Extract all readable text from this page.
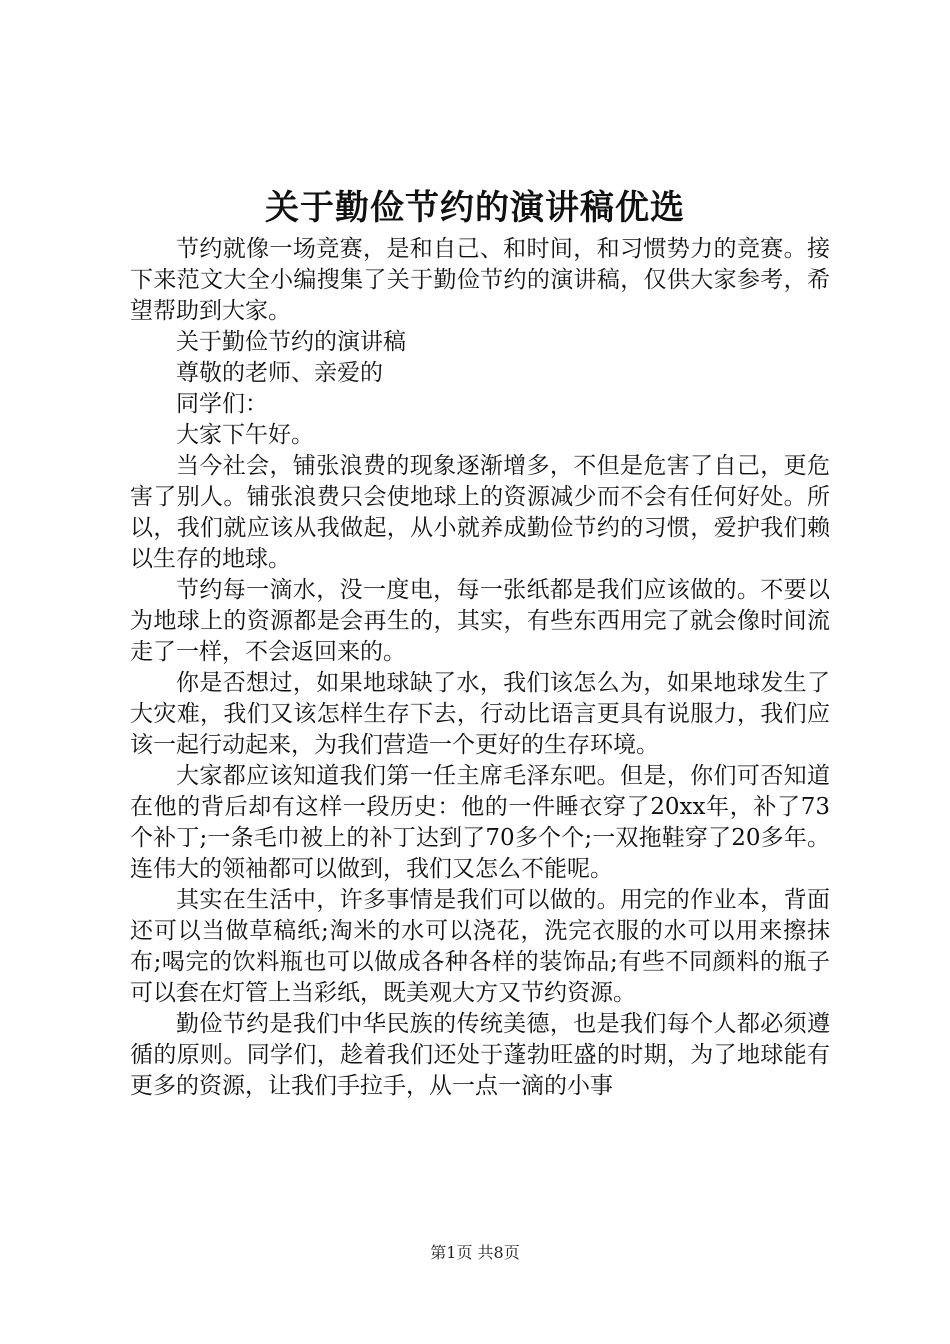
关于勤俭节约的演讲稿优选

节约就像一场竞赛，是和自己、和时间，和习惯势力的竞赛。接下来范文大全小编搜集了关于勤俭节约的演讲稿，仅供大家参考，希望帮助到大家。

关于勤俭节约的演讲稿

尊敬的老师、亲爱的

同学们：

大家下午好。

当今社会，铺张浪费的现象逐渐增多，不但是危害了自己，更危害了别人。铺张浪费只会使地球上的资源减少而不会有任何好处。所以，我们就应该从我做起，从小就养成勤俭节约的习惯，爱护我们赖以生存的地球。

节约每一滴水，没一度电，每一张纸都是我们应该做的。不要以为地球上的资源都是会再生的，其实，有些东西用完了就会像时间流走了一样，不会返回来的。

你是否想过，如果地球缺了水，我们该怎么为，如果地球发生了大灾难，我们又该怎样生存下去，行动比语言更具有说服力，我们应该一起行动起来，为我们营造一个更好的生存环境。

大家都应该知道我们第一任主席毛泽东吧。但是，你们可否知道在他的背后却有这样一段历史：他的一件睡衣穿了20xx年，补了73个补丁;一条毛巾被上的补丁达到了70多个个;一双拖鞋穿了20多年。连伟大的领袖都可以做到，我们又怎么不能呢。

其实在生活中，许多事情是我们可以做的。用完的作业本，背面还可以当做草稿纸;淘米的水可以浇花，洗完衣服的水可以用来擦抹布;喝完的饮料瓶也可以做成各种各样的装饰品;有些不同颜料的瓶子可以套在灯管上当彩纸，既美观大方又节约资源。

勤俭节约是我们中华民族的传统美德，也是我们每个人都必须遵循的原则。同学们，趁着我们还处于蓬勃旺盛的时期，为了地球能有更多的资源，让我们手拉手，从一点一滴的小事

第1页 共8页
